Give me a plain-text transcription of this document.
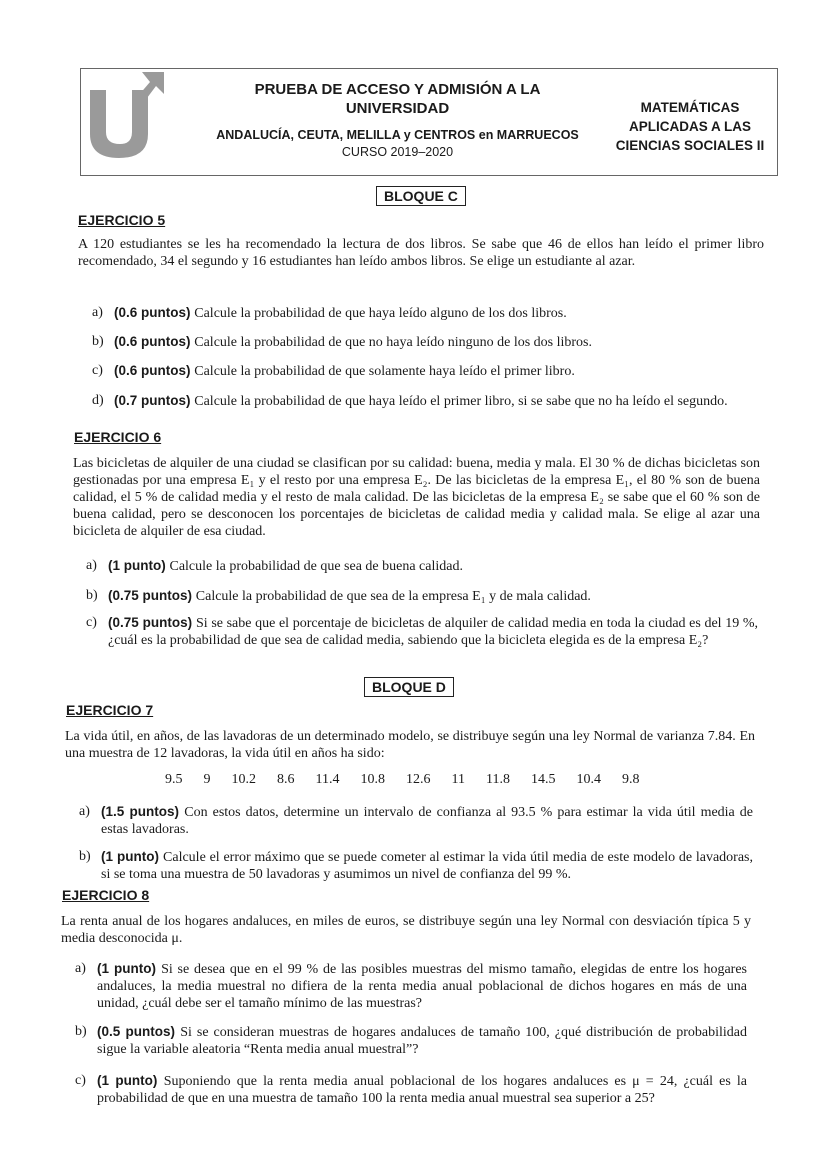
PRUEBA DE ACCESO Y ADMISIÓN A LA
UNIVERSIDAD
ANDALUCÍA, CEUTA, MELILLA y CENTROS en MARRUECOS
CURSO 2019–2020
MATEMÁTICAS
APLICADAS A LAS
CIENCIAS SOCIALES II
BLOQUE C
EJERCICIO 5
A 120 estudiantes se les ha recomendado la lectura de dos libros. Se sabe que 46 de ellos han leído el primer libro recomendado, 34 el segundo y 16 estudiantes han leído ambos libros. Se elige un estudiante al azar.
a) (0.6 puntos) Calcule la probabilidad de que haya leído alguno de los dos libros.
b) (0.6 puntos) Calcule la probabilidad de que no haya leído ninguno de los dos libros.
c) (0.6 puntos) Calcule la probabilidad de que solamente haya leído el primer libro.
d) (0.7 puntos) Calcule la probabilidad de que haya leído el primer libro, si se sabe que no ha leído el segundo.
EJERCICIO 6
Las bicicletas de alquiler de una ciudad se clasifican por su calidad: buena, media y mala. El 30 % de dichas bicicletas son gestionadas por una empresa E₁ y el resto por una empresa E₂. De las bicicletas de la empresa E₁, el 80 % son de buena calidad, el 5 % de calidad media y el resto de mala calidad. De las bicicletas de la empresa E₂ se sabe que el 60 % son de buena calidad, pero se desconocen los porcentajes de bicicletas de calidad media y calidad mala. Se elige al azar una bicicleta de alquiler de esa ciudad.
a) (1 punto) Calcule la probabilidad de que sea de buena calidad.
b) (0.75 puntos) Calcule la probabilidad de que sea de la empresa E₁ y de mala calidad.
c) (0.75 puntos) Si se sabe que el porcentaje de bicicletas de alquiler de calidad media en toda la ciudad es del 19 %, ¿cuál es la probabilidad de que sea de calidad media, sabiendo que la bicicleta elegida es de la empresa E₂?
BLOQUE D
EJERCICIO 7
La vida útil, en años, de las lavadoras de un determinado modelo, se distribuye según una ley Normal de varianza 7.84. En una muestra de 12 lavadoras, la vida útil en años ha sido:
9.5 9 10.2 8.6 11.4 10.8 12.6 11 11.8 14.5 10.4 9.8
a) (1.5 puntos) Con estos datos, determine un intervalo de confianza al 93.5 % para estimar la vida útil media de estas lavadoras.
b) (1 punto) Calcule el error máximo que se puede cometer al estimar la vida útil media de este modelo de lavadoras, si se toma una muestra de 50 lavadoras y asumimos un nivel de confianza del 99 %.
EJERCICIO 8
La renta anual de los hogares andaluces, en miles de euros, se distribuye según una ley Normal con desviación típica 5 y media desconocida μ.
a) (1 punto) Si se desea que en el 99 % de las posibles muestras del mismo tamaño, elegidas de entre los hogares andaluces, la media muestral no difiera de la renta media anual poblacional de dichos hogares en más de una unidad, ¿cuál debe ser el tamaño mínimo de las muestras?
b) (0.5 puntos) Si se consideran muestras de hogares andaluces de tamaño 100, ¿qué distribución de probabilidad sigue la variable aleatoria “Renta media anual muestral”?
c) (1 punto) Suponiendo que la renta media anual poblacional de los hogares andaluces es μ = 24, ¿cuál es la probabilidad de que en una muestra de tamaño 100 la renta media anual muestral sea superior a 25?
